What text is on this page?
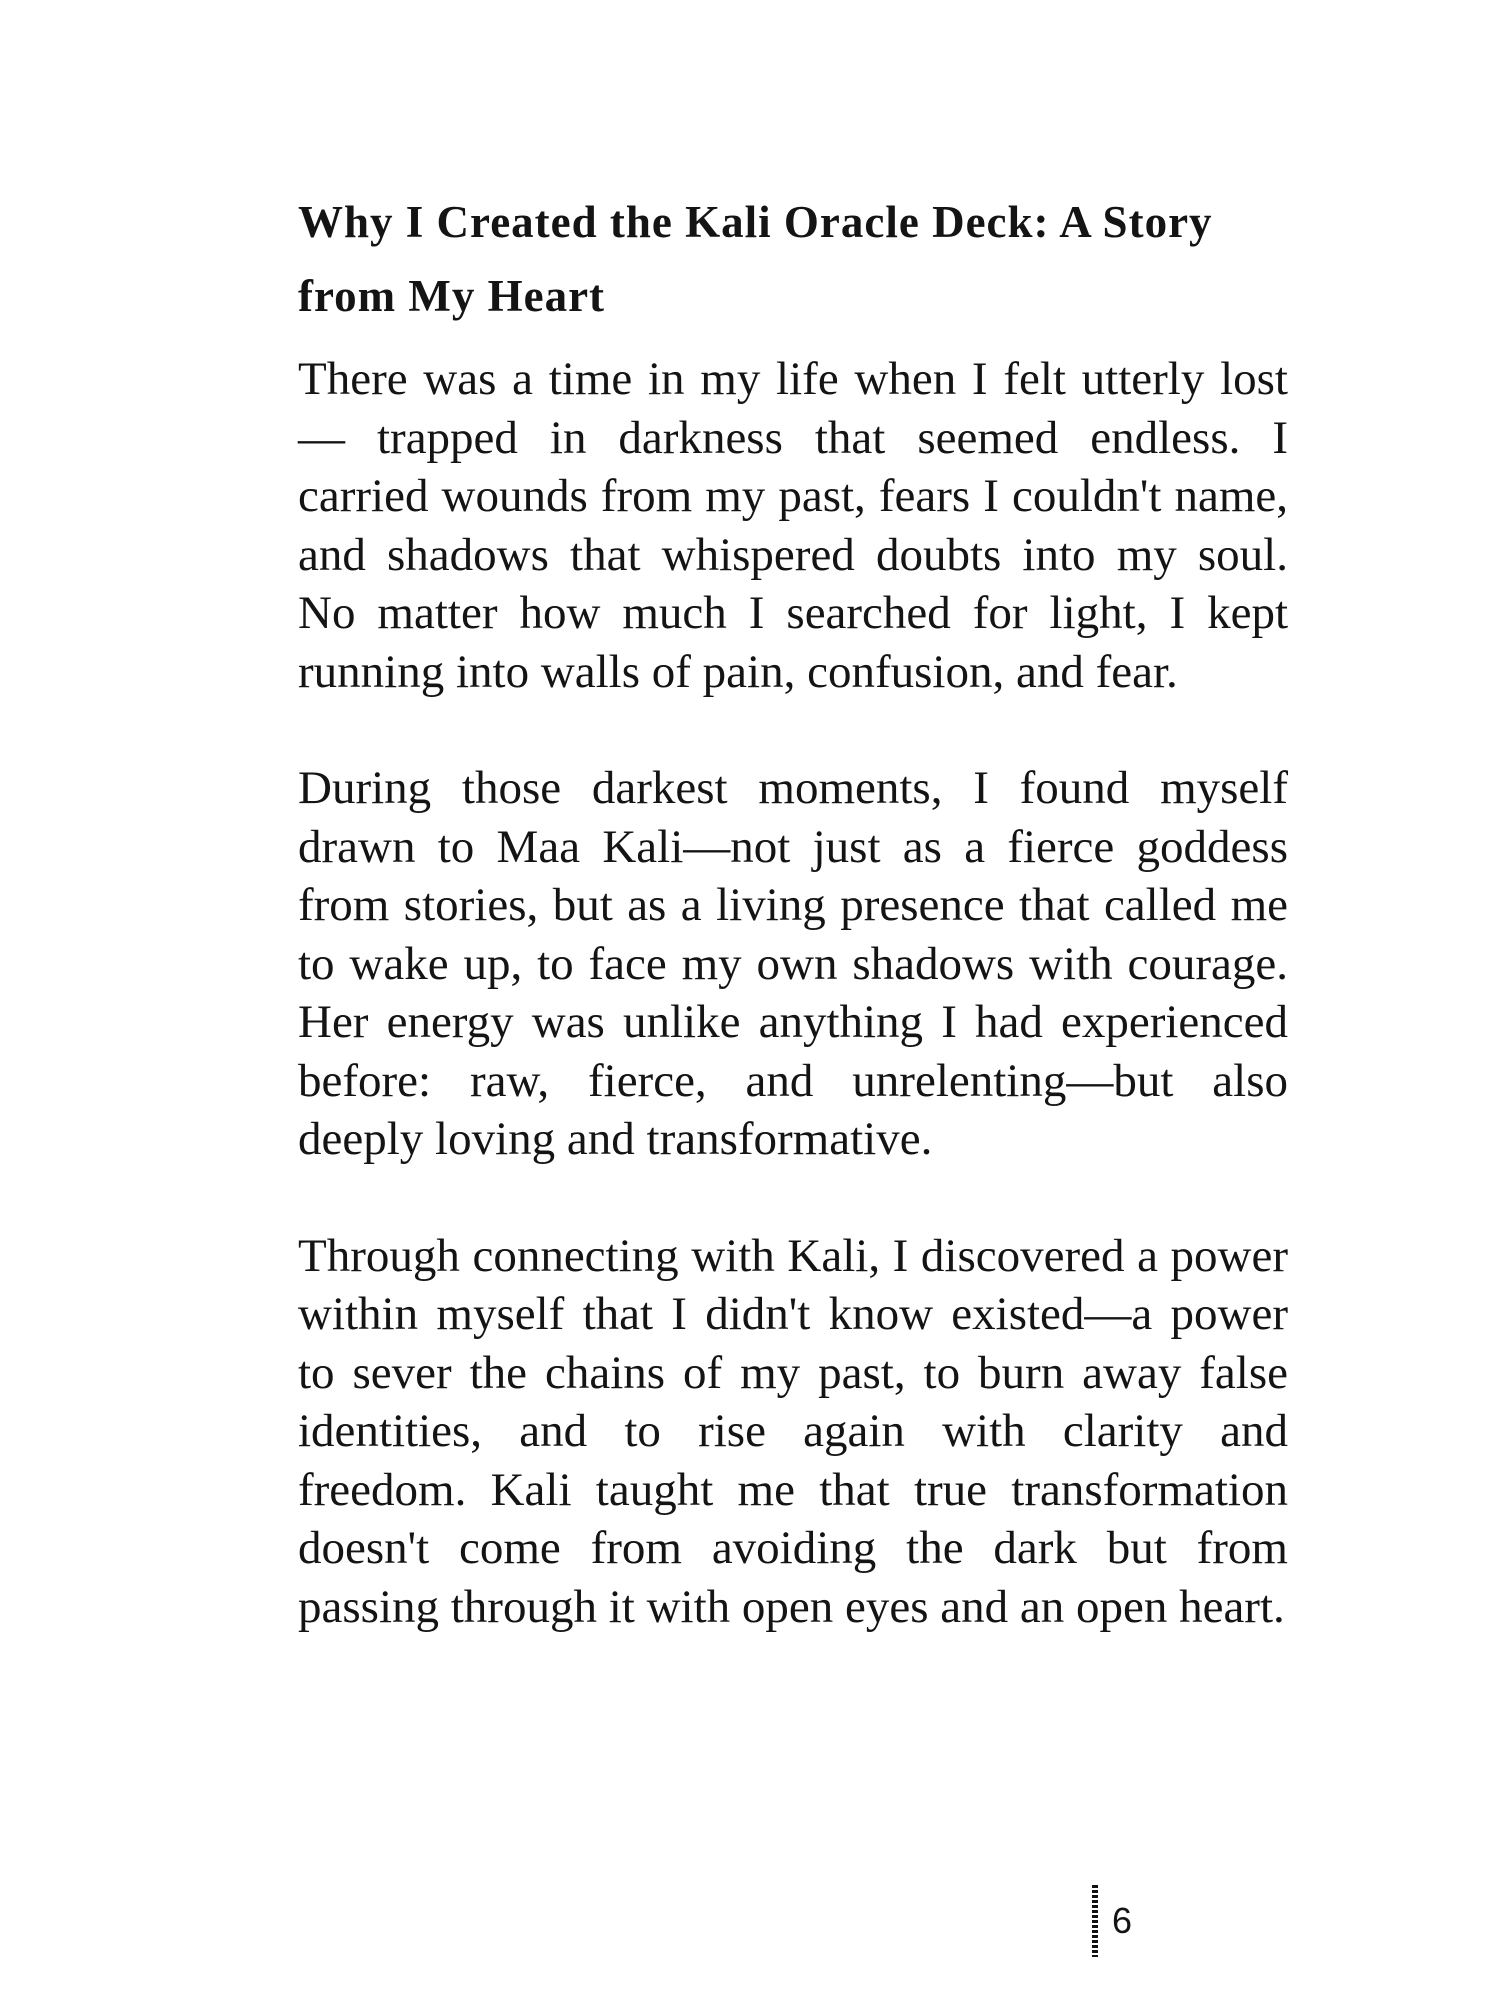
Why I Created the Kali Oracle Deck: A Story from My Heart

There was a time in my life when I felt utterly lost — trapped in darkness that seemed endless. I carried wounds from my past, fears I couldn't name, and shadows that whispered doubts into my soul. No matter how much I searched for light, I kept running into walls of pain, confusion, and fear.

During those darkest moments, I found myself drawn to Maa Kali—not just as a fierce goddess from stories, but as a living presence that called me to wake up, to face my own shadows with courage. Her energy was unlike anything I had experienced before: raw, fierce, and unrelenting—but also deeply loving and transformative.

Through connecting with Kali, I discovered a power within myself that I didn't know existed—a power to sever the chains of my past, to burn away false identities, and to rise again with clarity and freedom. Kali taught me that true transformation doesn't come from avoiding the dark but from passing through it with open eyes and an open heart.

6
